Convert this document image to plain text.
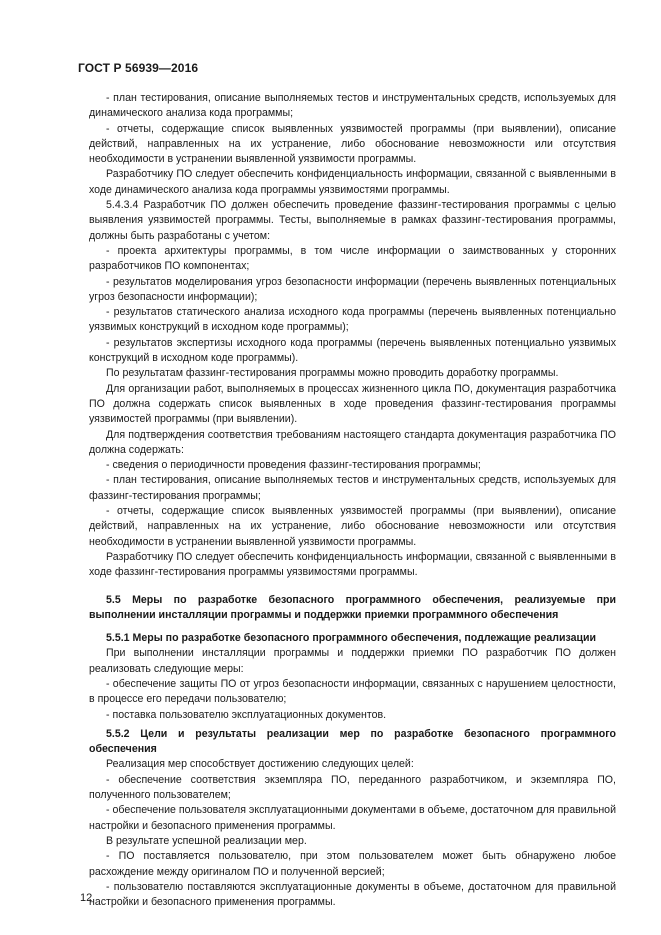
ГОСТ Р 56939—2016

- план тестирования, описание выполняемых тестов и инструментальных средств, используемых для динамического анализа кода программы;

- отчеты, содержащие список выявленных уязвимостей программы (при выявлении), описание действий, направленных на их устранение, либо обоснование невозможности или отсутствия необходимости в устранении выявленной уязвимости программы.

Разработчику ПО следует обеспечить конфиденциальность информации, связанной с выявленными в ходе динамического анализа кода программы уязвимостями программы.

5.4.3.4 Разработчик ПО должен обеспечить проведение фаззинг-тестирования программы с целью выявления уязвимостей программы. Тесты, выполняемые в рамках фаззинг-тестирования программы, должны быть разработаны с учетом:

- проекта архитектуры программы, в том числе информации о заимствованных у сторонних разработчиков ПО компонентах;

- результатов моделирования угроз безопасности информации (перечень выявленных потенциальных угроз безопасности информации);

- результатов статического анализа исходного кода программы (перечень выявленных потенциально уязвимых конструкций в исходном коде программы);

- результатов экспертизы исходного кода программы (перечень выявленных потенциально уязвимых конструкций в исходном коде программы).

По результатам фаззинг-тестирования программы можно проводить доработку программы.

Для организации работ, выполняемых в процессах жизненного цикла ПО, документация разработчика ПО должна содержать список выявленных в ходе проведения фаззинг-тестирования программы уязвимостей программы (при выявлении).

Для подтверждения соответствия требованиям настоящего стандарта документация разработчика ПО должна содержать:

- сведения о периодичности проведения фаззинг-тестирования программы;

- план тестирования, описание выполняемых тестов и инструментальных средств, используемых для фаззинг-тестирования программы;

- отчеты, содержащие список выявленных уязвимостей программы (при выявлении), описание действий, направленных на их устранение, либо обоснование невозможности или отсутствия необходимости в устранении выявленной уязвимости программы.

Разработчику ПО следует обеспечить конфиденциальность информации, связанной с выявленными в ходе фаззинг-тестирования программы уязвимостями программы.

5.5 Меры по разработке безопасного программного обеспечения, реализуемые при выполнении инсталляции программы и поддержки приемки программного обеспечения

5.5.1 Меры по разработке безопасного программного обеспечения, подлежащие реализации

При выполнении инсталляции программы и поддержки приемки ПО разработчик ПО должен реализовать следующие меры:

- обеспечение защиты ПО от угроз безопасности информации, связанных с нарушением целостности, в процессе его передачи пользователю;

- поставка пользователю эксплуатационных документов.

5.5.2 Цели и результаты реализации мер по разработке безопасного программного обеспечения

Реализация мер способствует достижению следующих целей:

- обеспечение соответствия экземпляра ПО, переданного разработчиком, и экземпляра ПО, полученного пользователем;

- обеспечение пользователя эксплуатационными документами в объеме, достаточном для правильной настройки и безопасного применения программы.

В результате успешной реализации мер.

- ПО поставляется пользователю, при этом пользователем может быть обнаружено любое расхождение между оригиналом ПО и полученной версией;

- пользователю поставляются эксплуатационные документы в объеме, достаточном для правильной настройки и безопасного применения программы.

12
